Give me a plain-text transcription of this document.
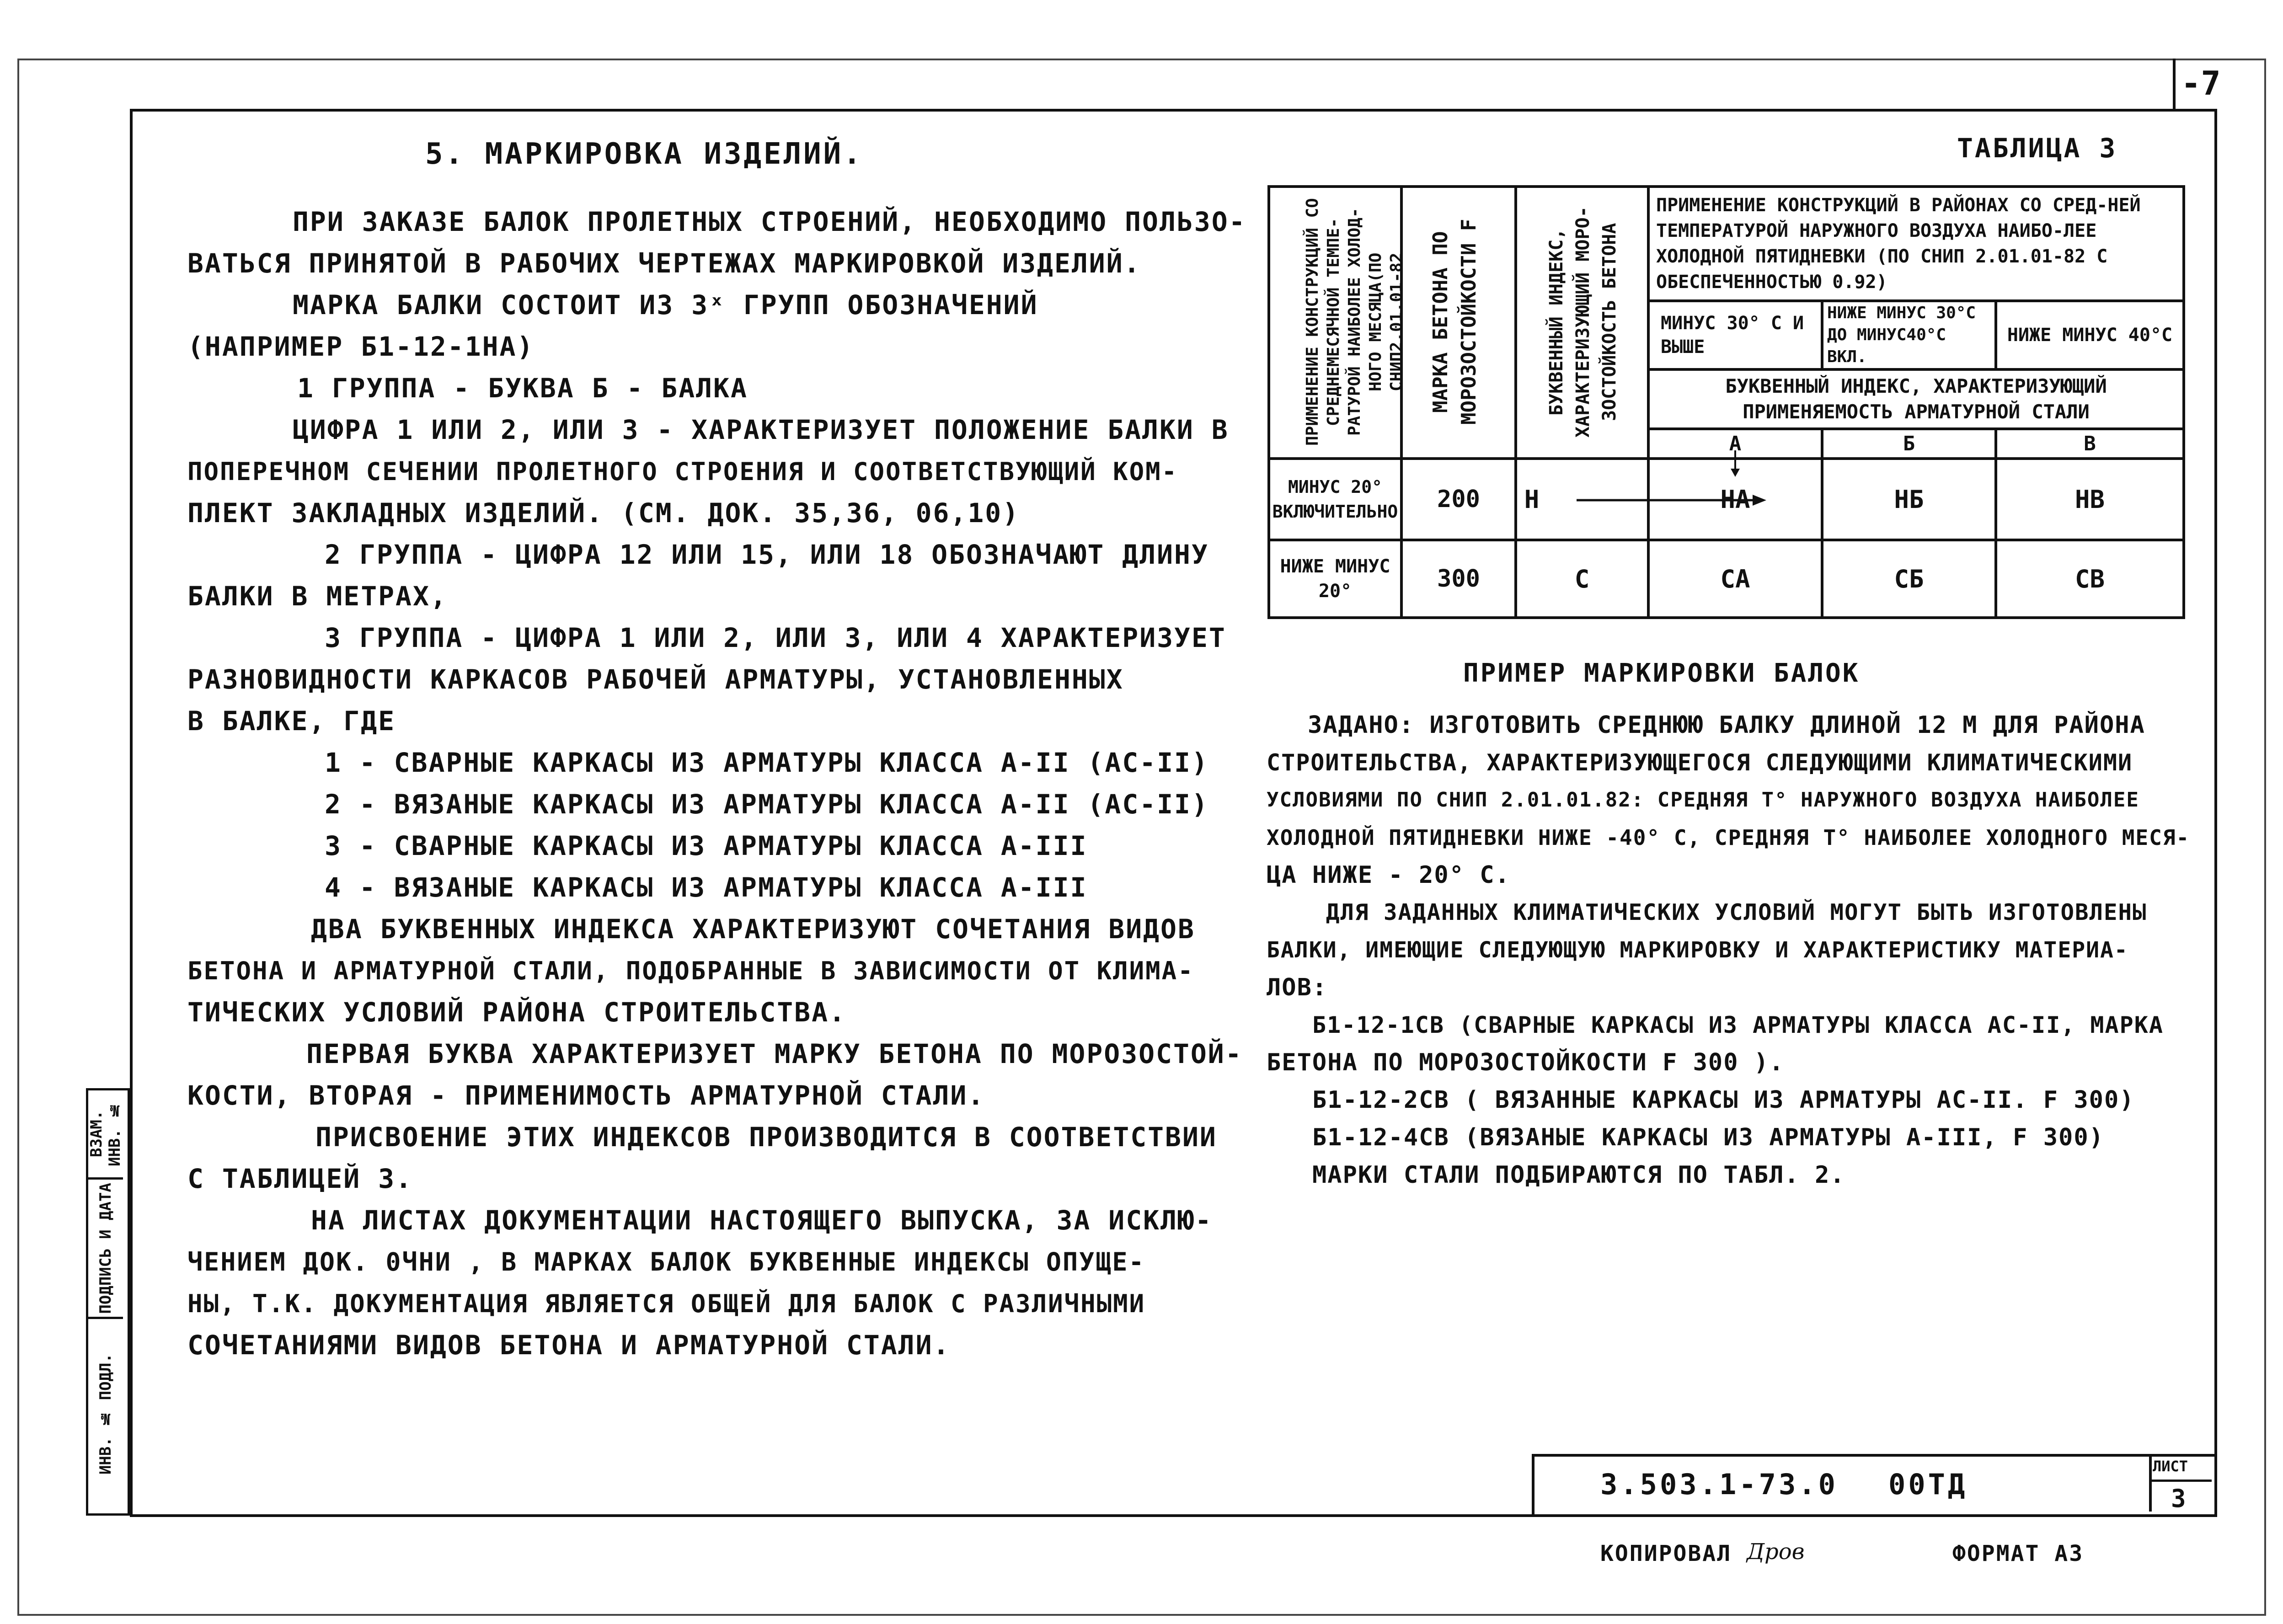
-7
5. МАРКИРОВКА ИЗДЕЛИЙ.
ПРИ ЗАКАЗЕ БАЛОК ПРОЛЕТНЫХ СТРОЕНИЙ, НЕОБХОДИМО ПОЛЬЗО-
ВАТЬСЯ ПРИНЯТОЙ В РАБОЧИХ ЧЕРТЕЖАХ МАРКИРОВКОЙ ИЗДЕЛИЙ.
МАРКА БАЛКИ СОСТОИТ ИЗ 3ˣ ГРУПП ОБОЗНАЧЕНИЙ
(НАПРИМЕР Б1-12-1НА)
1 ГРУППА - БУКВА Б - БАЛКА
ЦИФРА 1 ИЛИ 2, ИЛИ 3 - ХАРАКТЕРИЗУЕТ ПОЛОЖЕНИЕ БАЛКИ В
ПОПЕРЕЧНОМ СЕЧЕНИИ ПРОЛЕТНОГО СТРОЕНИЯ И СООТВЕТСТВУЮЩИЙ КОМ-
ПЛЕКТ ЗАКЛАДНЫХ ИЗДЕЛИЙ. (СМ. ДОК. 35,36, 06,10)
2 ГРУППА - ЦИФРА 12 ИЛИ 15, ИЛИ 18 ОБОЗНАЧАЮТ ДЛИНУ
БАЛКИ В МЕТРАХ,
3 ГРУППА - ЦИФРА 1 ИЛИ 2, ИЛИ 3, ИЛИ 4 ХАРАКТЕРИЗУЕТ
РАЗНОВИДНОСТИ КАРКАСОВ РАБОЧЕЙ АРМАТУРЫ, УСТАНОВЛЕННЫХ
В БАЛКЕ, ГДЕ
1 - СВАРНЫЕ КАРКАСЫ ИЗ АРМАТУРЫ КЛАССА А-II (АС-II)
2 - ВЯЗАНЫЕ КАРКАСЫ ИЗ АРМАТУРЫ КЛАССА А-II (АС-II)
3 - СВАРНЫЕ КАРКАСЫ ИЗ АРМАТУРЫ КЛАССА А-III
4 - ВЯЗАНЫЕ КАРКАСЫ ИЗ АРМАТУРЫ КЛАССА А-III
ДВА БУКВЕННЫХ ИНДЕКСА ХАРАКТЕРИЗУЮТ СОЧЕТАНИЯ ВИДОВ
БЕТОНА И АРМАТУРНОЙ СТАЛИ, ПОДОБРАННЫЕ В ЗАВИСИМОСТИ ОТ КЛИМА-
ТИЧЕСКИХ УСЛОВИЙ РАЙОНА СТРОИТЕЛЬСТВА.
ПЕРВАЯ БУКВА ХАРАКТЕРИЗУЕТ МАРКУ БЕТОНА ПО МОРОЗОСТОЙ-
КОСТИ, ВТОРАЯ - ПРИМЕНИМОСТЬ АРМАТУРНОЙ СТАЛИ.
ПРИСВОЕНИЕ ЭТИХ ИНДЕКСОВ ПРОИЗВОДИТСЯ В СООТВЕТСТВИИ
С ТАБЛИЦЕЙ 3.
НА ЛИСТАХ ДОКУМЕНТАЦИИ НАСТОЯЩЕГО ВЫПУСКА, ЗА ИСКЛЮ-
ЧЕНИЕМ ДОК. 0ЧНИ , В МАРКАХ БАЛОК БУКВЕННЫЕ ИНДЕКСЫ ОПУЩЕ-
НЫ, Т.К. ДОКУМЕНТАЦИЯ ЯВЛЯЕТСЯ ОБЩЕЙ ДЛЯ БАЛОК С РАЗЛИЧНЫМИ
СОЧЕТАНИЯМИ ВИДОВ БЕТОНА И АРМАТУРНОЙ СТАЛИ.
ТАБЛИЦА 3
ПРИМЕНЕНИЕ КОНСТРУКЦИЙ СО СРЕДНЕМЕСЯЧНОЙ ТЕМПЕ-РАТУРОЙ НАИБОЛЕЕ ХОЛОД-НОГО МЕСЯЦА(ПО СНИП2.01.01-82	МАРКА БЕТОНА ПО МОРОЗОСТОЙКОСТИ F	БУКВЕННЫЙ ИНДЕКС, ХАРАКТЕРИЗУЮЩИЙ МОРО-ЗОСТОЙКОСТЬ БЕТОНА	ПРИМЕНЕНИЕ КОНСТРУКЦИЙ В РАЙОНАХ СО СРЕД-НЕЙ ТЕМПЕРАТУРОЙ НАРУЖНОГО ВОЗДУХА НАИБО-ЛЕЕ ХОЛОДНОЙ ПЯТИДНЕВКИ (ПО СНИП 2.01.01-82 С ОБЕСПЕЧЕННОСТЬЮ 0.92)		
			МИНУС 30° С И ВЫШЕ	НИЖЕ МИНУС 30°С ДО МИНУС40°С ВКЛ.	НИЖЕ МИНУС 40°С
			БУКВЕННЫЙ ИНДЕКС, ХАРАКТЕРИЗУЮЩИЙ ПРИМЕНЯЕМОСТЬ АРМАТУРНОЙ СТАЛИ		
			А	Б	В
МИНУС 20° ВКЛЮЧИТЕЛЬНО	200	Н	НА	НБ	НВ
НИЖЕ МИНУС 20°	300	С	СА	СБ	СВ
ПРИМЕР МАРКИРОВКИ БАЛОК
ЗАДАНО: ИЗГОТОВИТЬ СРЕДНЮЮ БАЛКУ ДЛИНОЙ 12 М ДЛЯ РАЙОНА
СТРОИТЕЛЬСТВА, ХАРАКТЕРИЗУЮЩЕГОСЯ СЛЕДУЮЩИМИ КЛИМАТИЧЕСКИМИ
УСЛОВИЯМИ ПО СНИП 2.01.01.82: СРЕДНЯЯ T° НАРУЖНОГО ВОЗДУХА НАИБОЛЕЕ
ХОЛОДНОЙ ПЯТИДНЕВКИ НИЖЕ -40° С, СРЕДНЯЯ T° НАИБОЛЕЕ ХОЛОДНОГО МЕСЯ-
ЦА НИЖЕ - 20° С.
ДЛЯ ЗАДАННЫХ КЛИМАТИЧЕСКИХ УСЛОВИЙ МОГУТ БЫТЬ ИЗГОТОВЛЕНЫ
БАЛКИ, ИМЕЮЩИЕ СЛЕДУЮЩУЮ МАРКИРОВКУ И ХАРАКТЕРИСТИКУ МАТЕРИА-
ЛОВ:
Б1-12-1СВ (СВАРНЫЕ КАРКАСЫ ИЗ АРМАТУРЫ КЛАССА АС-II, МАРКА
БЕТОНА ПО МОРОЗОСТОЙКОСТИ F 300 ).
Б1-12-2СВ ( ВЯЗАННЫЕ КАРКАСЫ ИЗ АРМАТУРЫ АС-II. F 300)
Б1-12-4СВ (ВЯЗАНЫЕ КАРКАСЫ ИЗ АРМАТУРЫ А-III, F 300)
МАРКИ СТАЛИ ПОДБИРАЮТСЯ ПО ТАБЛ. 2.
ВЗАМ. ИНВ. №
ПОДПИСЬ И ДАТА
ИНВ. № ПОДЛ.
3.503.1-73.0 00ТД
ЛИСТ
3
КОПИРОВАЛ Дров	ФОРМАТ А3
